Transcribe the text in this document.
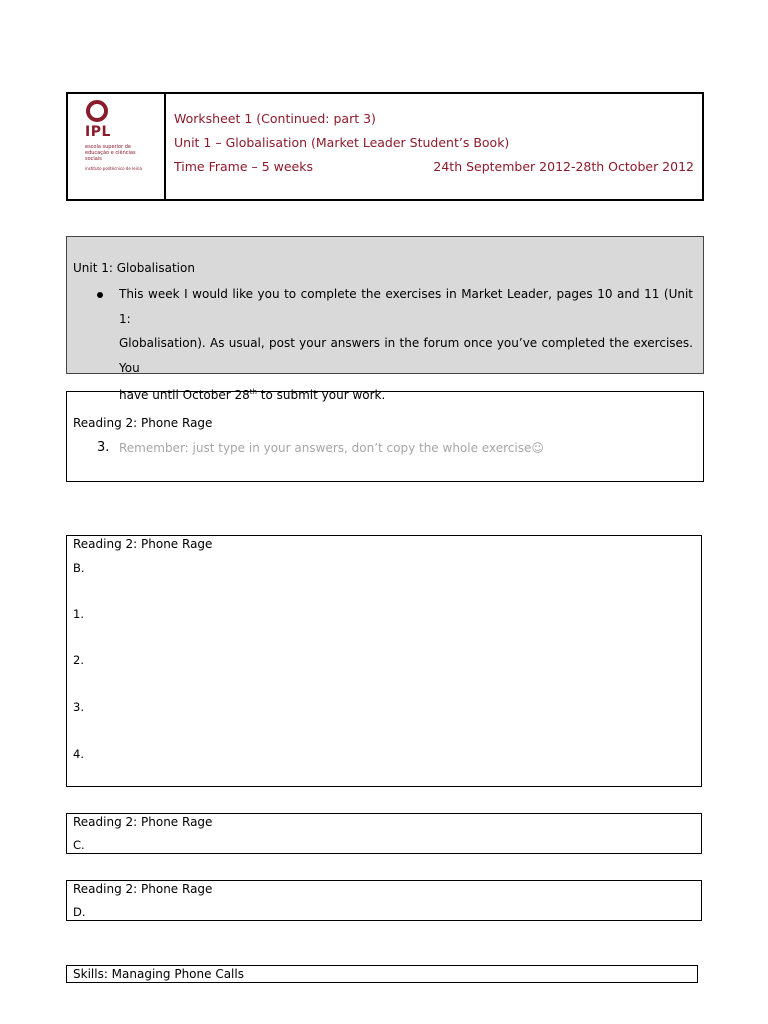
IPL
escola superior de educação e ciências sociais
instituto politécnico de leiria
Worksheet 1 (Continued: part 3)
Unit 1 – Globalisation (Market Leader Student’s Book)
Time Frame – 5 weeks	24th September 2012-28th October 2012
Unit 1: Globalisation
This week I would like you to complete the exercises in Market Leader, pages 10 and 11 (Unit 1:
Globalisation). As usual, post your answers in the forum once you’ve completed the exercises. You
have until October 28th to submit your work.
Reading 2: Phone Rage
3. Remember: just type in your answers, don’t copy the whole exercise☺
Reading 2: Phone Rage
B.
1.
2.
3.
4.
Reading 2: Phone Rage
C.
Reading 2: Phone Rage
D.
Skills: Managing Phone Calls
